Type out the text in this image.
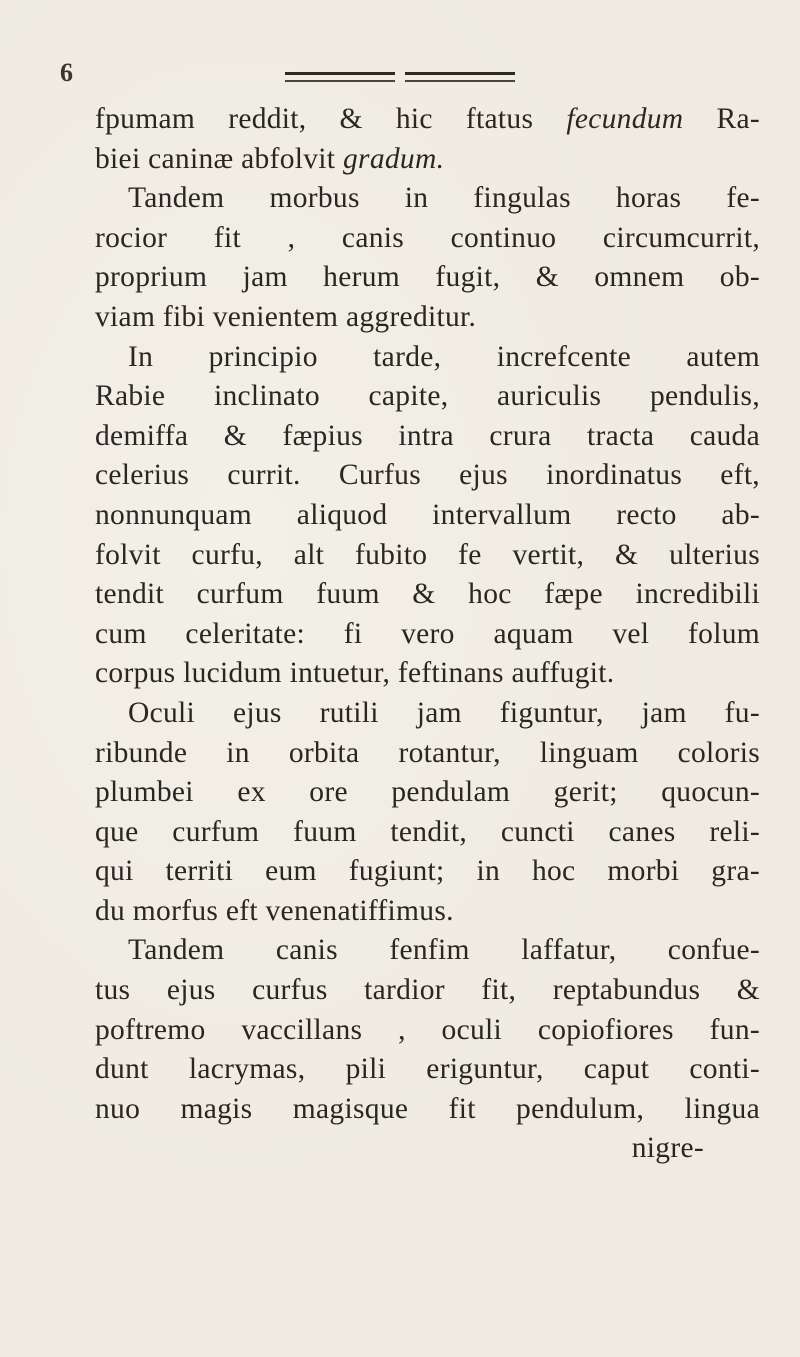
6
fpumam reddit, & hic ftatus fecundum Ra-
biei caninæ abfolvit gradum.
Tandem morbus in fingulas horas fe-
rocior fit , canis continuo circumcurrit,
proprium jam herum fugit, & omnem ob-
viam fibi venientem aggreditur.
In principio tarde, increfcente autem
Rabie inclinato capite, auriculis pendulis,
demiffa & fæpius intra crura tracta cauda
celerius currit. Curfus ejus inordinatus eft,
nonnunquam aliquod intervallum recto ab-
folvit curfu, alt fubito fe vertit, & ulterius
tendit curfum fuum & hoc fæpe incredibili
cum celeritate: fi vero aquam vel folum
corpus lucidum intuetur, feftinans auffugit.
Oculi ejus rutili jam figuntur, jam fu-
ribunde in orbita rotantur, linguam coloris
plumbei ex ore pendulam gerit; quocun-
que curfum fuum tendit, cuncti canes reli-
qui territi eum fugiunt; in hoc morbi gra-
du morfus eft venenatiffimus.
Tandem canis fenfim laffatur, confue-
tus ejus curfus tardior fit, reptabundus &
poftremo vaccillans , oculi copiofiores fun-
dunt lacrymas, pili eriguntur, caput conti-
nuo magis magisque fit pendulum, lingua
nigre-
